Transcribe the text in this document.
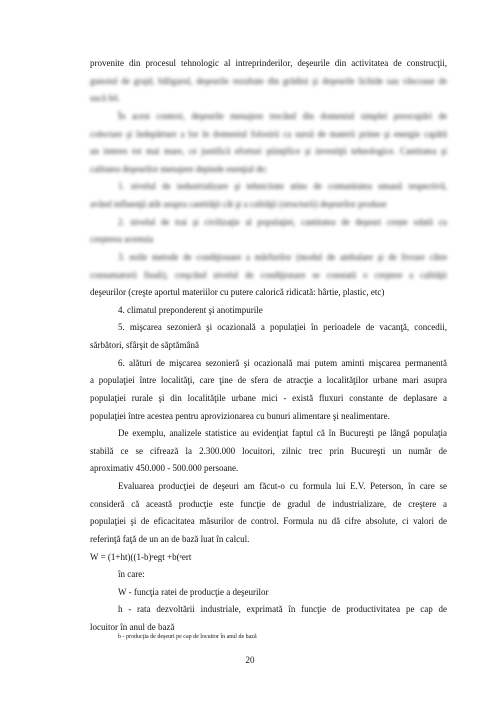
provenite din procesul tehnologic al intreprinderilor, deşeurile din activitatea de construcţii,
gunoiul de grajd, băligarul, deşeurile rezultate din grădini şi deşeurile lichide sau vâscoase de
uscă fel.
În acest context, deşeurile menajere trecând din domeniul simplei preocupări de
colectare şi îndepărtare a lor în domeniul folosirii ca sursă de materii prime şi energie capătă
un interes tot mai mare, ce justifică eforturi ştiinţifice şi investiţii tehnologice. Cantitatea şi
calitatea deşeurilor menajere depinde esenţial de:
1. nivelul de industrializare şi tehnicitate atins de comunitatea umană respectivă,
având influenţă atât asupra cantităţii cât şi a calităţii (structurii) deşeurilor produse
2. nivelul de trai şi civilizaţie al populaţiei, cantitatea de deşeuri crește odată cu
creşterea acestuia
3. noile metode de condiţionare a mărfurilor (modul de ambalare şi de livrare către
consumatorii finali), creşcând nivelul de condiţionare se constată o creştere a calităţii
deşeurilor (creşte aportul materiilor cu putere calorică ridicată: hârtie, plastic, etc)
4. climatul preponderent şi anotimpurile
5. mişcarea sezonieră şi ocazională a populaţiei în perioadele de vacanţă, concedii,
sărbători, sfârşit de săptămână
6. alături de mişcarea sezonieră şi ocazională mai putem aminti mişcarea permanentă
a populaţiei între localităţi, care ţine de sfera de atracţie a localităţilor urbane mari asupra
populaţiei rurale şi din localităţile urbane mici - există fluxuri constante de deplasare a
populaţiei între acestea pentru aprovizionarea cu bunuri alimentare şi nealimentare.
De exemplu, analizele statistice au evidenţiat faptul că în Bucureşti pe lângă populaţia
stabilă ce se cifrează la 2.300.000 locuitori, zilnic trec prin Bucureşti un număr de
aproximativ 450.000 - 500.000 persoane.
Evaluarea producţiei de deşeuri am făcut-o cu formula lui E.V. Peterson, în care se
consideră că această producţie este funcţie de gradul de industrializare, de creştere a
populaţiei şi de eficacitatea măsurilor de control. Formula nu dă cifre absolute, ci valori de
referinţă faţă de un an de bază luat în calcul.
W = (1+ht)((1-b)ᵉegt +b(ᵉert
în care:
W - funcţia ratei de producţie a deşeurilor
h - rata dezvoltării industriale, exprimată în funcţie de productivitatea pe cap de
locuitor în anul de bază
b - producţia de deşeuri pe cap de locuitor în anul de bază
20
